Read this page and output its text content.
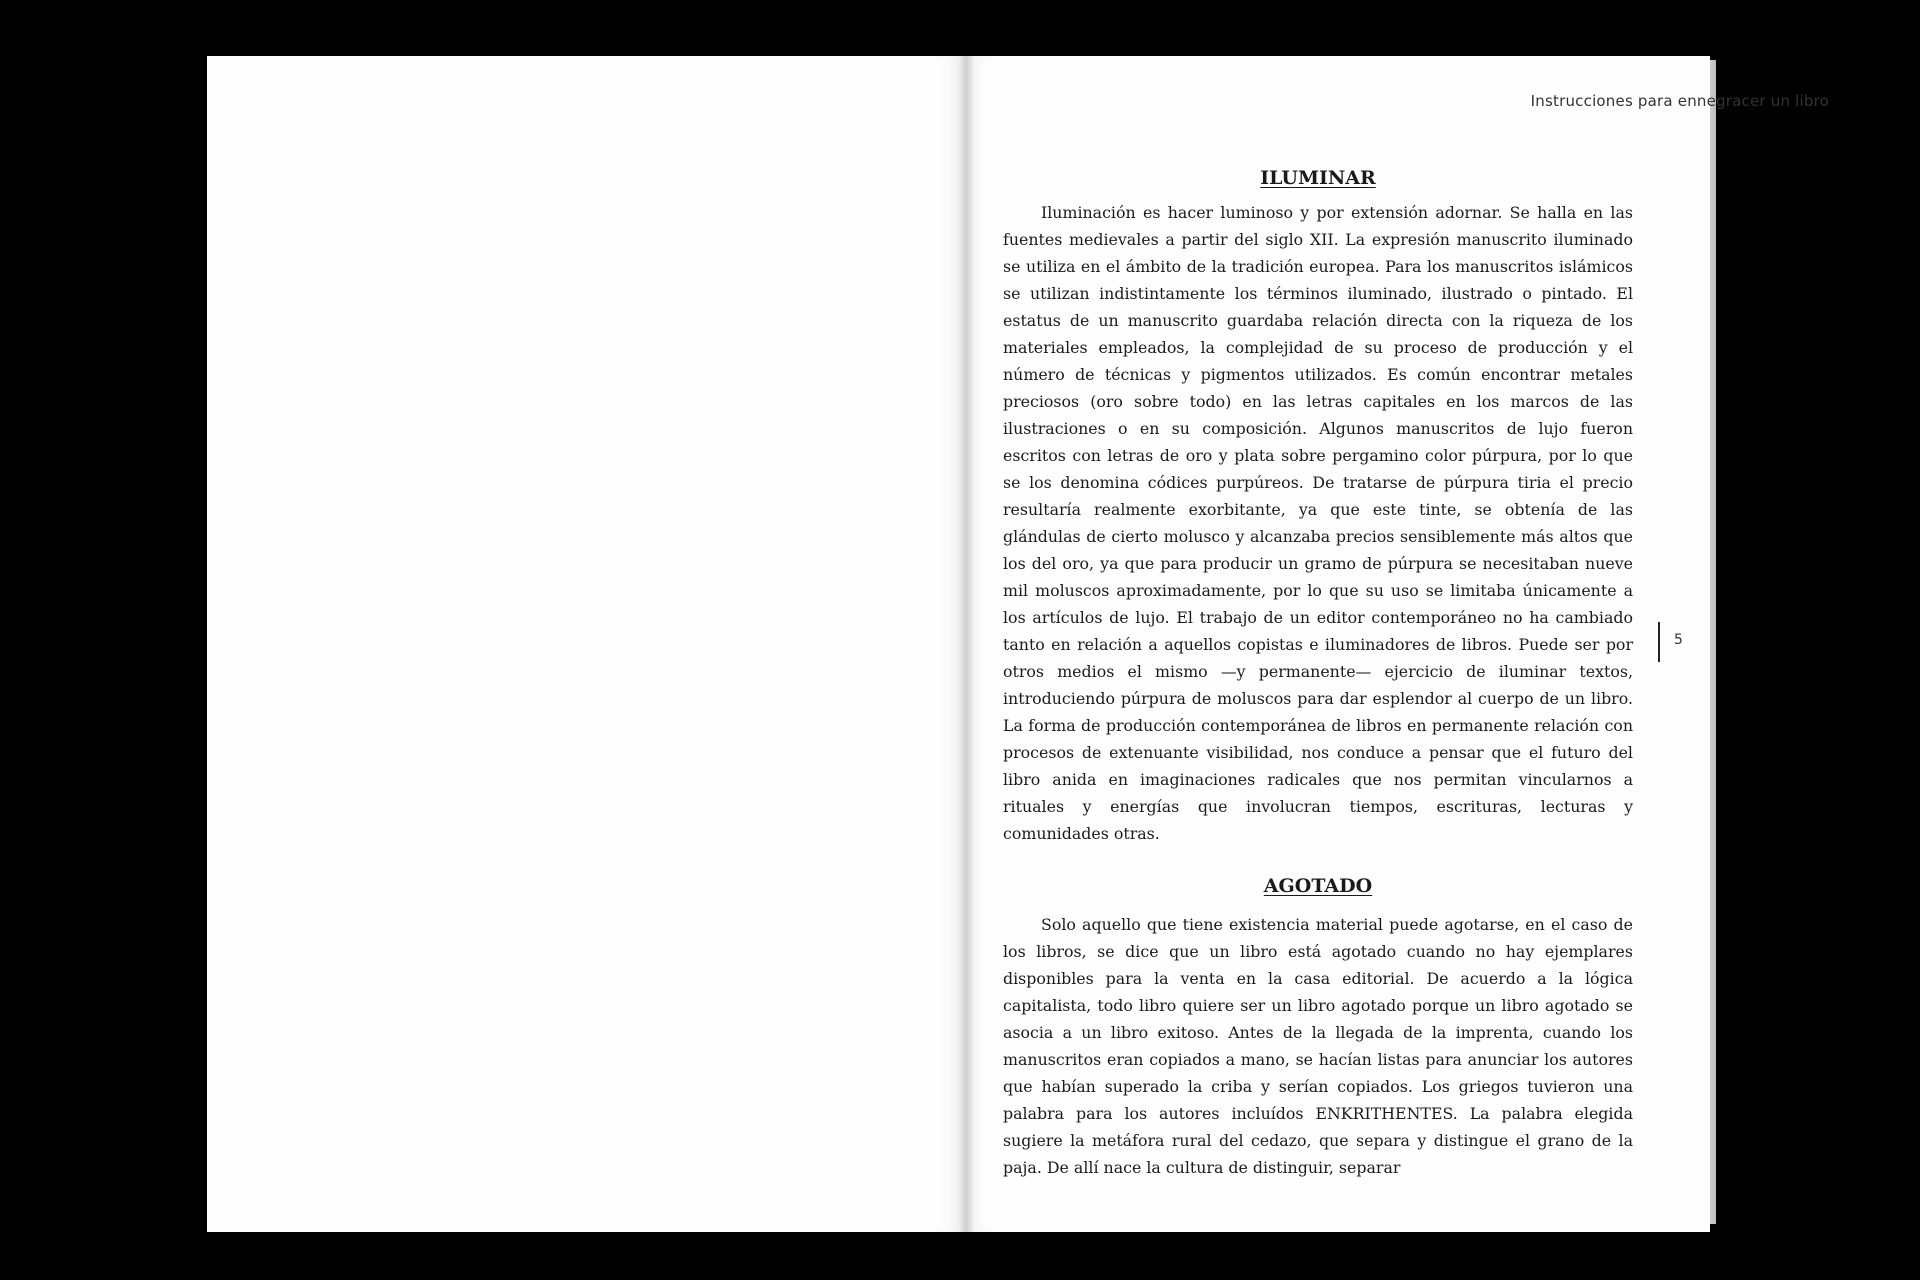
Instrucciones para ennegracer un libro
ILUMINAR

Iluminación es hacer luminoso y por extensión adornar. Se halla en las fuentes medievales a partir del siglo XII. La expresión manuscrito iluminado se utiliza en el ámbito de la tradición europea. Para los manuscritos islámicos se utilizan indistintamente los términos iluminado, ilustrado o pintado. El estatus de un manuscrito guardaba relación directa con la riqueza de los materiales empleados, la complejidad de su proceso de producción y el número de técnicas y pigmentos utilizados. Es común encontrar metales preciosos (oro sobre todo) en las letras capitales en los marcos de las ilustraciones o en su composición. Algunos manuscritos de lujo fueron escritos con letras de oro y plata sobre pergamino color púrpura, por lo que se los denomina códices purpúreos. De tratarse de púrpura tiria el precio resultaría realmente exorbitante, ya que este tinte, se obtenía de las glándulas de cierto molusco y alcanzaba precios sensiblemente más altos que los del oro, ya que para producir un gramo de púrpura se necesitaban nueve mil moluscos aproximadamente, por lo que su uso se limitaba únicamente a los artículos de lujo. El trabajo de un editor contemporáneo no ha cambiado tanto en relación a aquellos copistas e iluminadores de libros. Puede ser por otros medios el mismo —y permanente— ejercicio de iluminar textos, introduciendo púrpura de moluscos para dar esplendor al cuerpo de un libro. La forma de producción contemporánea de libros en permanente relación con procesos de extenuante visibilidad, nos conduce a pensar que el futuro del libro anida en imaginaciones radicales que nos permitan vincularnos a rituales y energías que involucran tiempos, escrituras, lecturas y comunidades otras.

AGOTADO

Solo aquello que tiene existencia material puede agotarse, en el caso de los libros, se dice que un libro está agotado cuando no hay ejemplares disponibles para la venta en la casa editorial. De acuerdo a la lógica capitalista, todo libro quiere ser un libro agotado porque un libro agotado se asocia a un libro exitoso. Antes de la llegada de la imprenta, cuando los manuscritos eran copiados a mano, se hacían listas para anunciar los autores que habían superado la criba y serían copiados. Los griegos tuvieron una palabra para los autores incluídos ENKRITHENTES. La palabra elegida sugiere la metáfora rural del cedazo, que separa y distingue el grano de la paja. De allí nace la cultura de distinguir, separar

5
